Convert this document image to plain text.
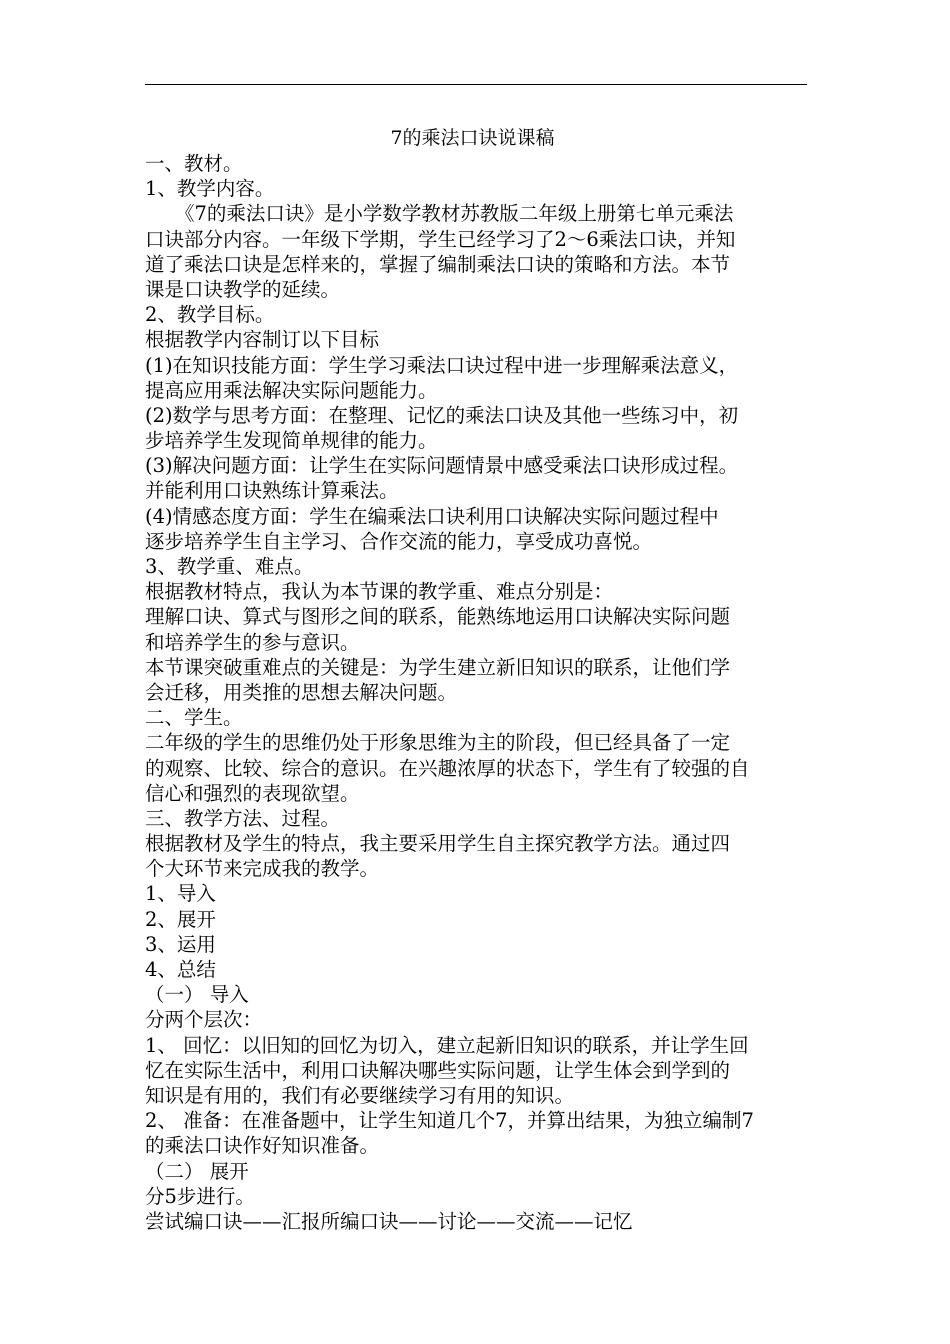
7的乘法口诀说课稿
一、教材。
1、教学内容。
《7的乘法口诀》是小学数学教材苏教版二年级上册第七单元乘法
口诀部分内容。一年级下学期，学生已经学习了2～6乘法口诀，并知
道了乘法口诀是怎样来的，掌握了编制乘法口诀的策略和方法。本节
课是口诀教学的延续。
2、教学目标。
根据教学内容制订以下目标
(1)在知识技能方面：学生学习乘法口诀过程中进一步理解乘法意义，
提高应用乘法解决实际问题能力。
(2)数学与思考方面：在整理、记忆的乘法口诀及其他一些练习中，初
步培养学生发现简单规律的能力。
(3)解决问题方面：让学生在实际问题情景中感受乘法口诀形成过程。
并能利用口诀熟练计算乘法。
(4)情感态度方面：学生在编乘法口诀利用口诀解决实际问题过程中
逐步培养学生自主学习、合作交流的能力，享受成功喜悦。
3、教学重、难点。
根据教材特点，我认为本节课的教学重、难点分别是：
理解口诀、算式与图形之间的联系，能熟练地运用口诀解决实际问题
和培养学生的参与意识。
本节课突破重难点的关键是：为学生建立新旧知识的联系，让他们学
会迁移，用类推的思想去解决问题。
二、学生。
二年级的学生的思维仍处于形象思维为主的阶段，但已经具备了一定
的观察、比较、综合的意识。在兴趣浓厚的状态下，学生有了较强的自
信心和强烈的表现欲望。
三、教学方法、过程。
根据教材及学生的特点，我主要采用学生自主探究教学方法。通过四
个大环节来完成我的教学。
1、导入
2、展开
3、运用
4、总结
（一） 导入
分两个层次：
1、 回忆：以旧知的回忆为切入，建立起新旧知识的联系，并让学生回
忆在实际生活中，利用口诀解决哪些实际问题，让学生体会到学到的
知识是有用的，我们有必要继续学习有用的知识。
2、 准备：在准备题中，让学生知道几个7，并算出结果，为独立编制7
的乘法口诀作好知识准备。
（二） 展开
分5步进行。
尝试编口诀——汇报所编口诀——讨论——交流——记忆
